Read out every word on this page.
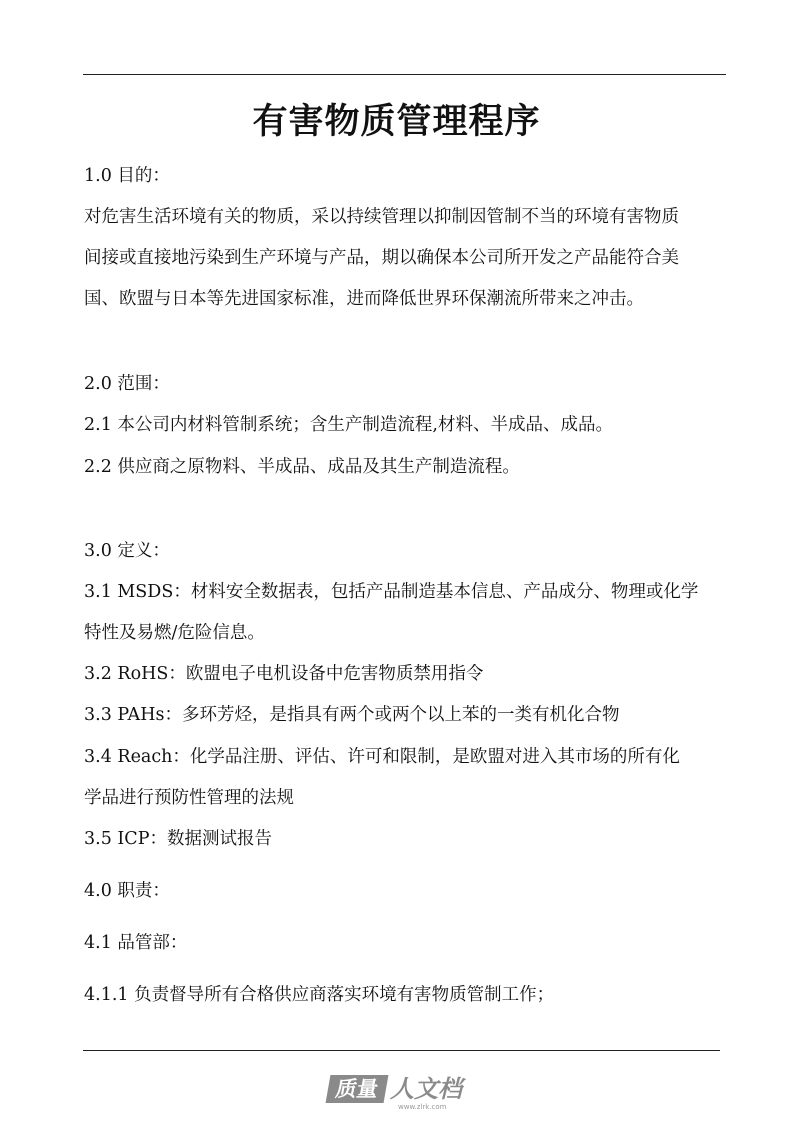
有害物质管理程序
1.0 目的：
对危害生活环境有关的物质，采以持续管理以抑制因管制不当的环境有害物质
间接或直接地污染到生产环境与产品，期以确保本公司所开发之产品能符合美
国、欧盟与日本等先进国家标准，进而降低世界环保潮流所带来之冲击。
2.0 范围：
2.1 本公司内材料管制系统；含生产制造流程,材料、半成品、成品。
2.2 供应商之原物料、半成品、成品及其生产制造流程。
3.0 定义：
3.1 MSDS：材料安全数据表，包括产品制造基本信息、产品成分、物理或化学
特性及易燃/危险信息。
3.2 RoHS：欧盟电子电机设备中危害物质禁用指令
3.3 PAHs：多环芳烃，是指具有两个或两个以上苯的一类有机化合物
3.4 Reach：化学品注册、评估、许可和限制，是欧盟对进入其市场的所有化
学品进行预防性管理的法规
3.5 ICP：数据测试报告
4.0 职责：
4.1 品管部：
4.1.1 负责督导所有合格供应商落实环境有害物质管制工作；
质量 人文档
www.zlrk.com
